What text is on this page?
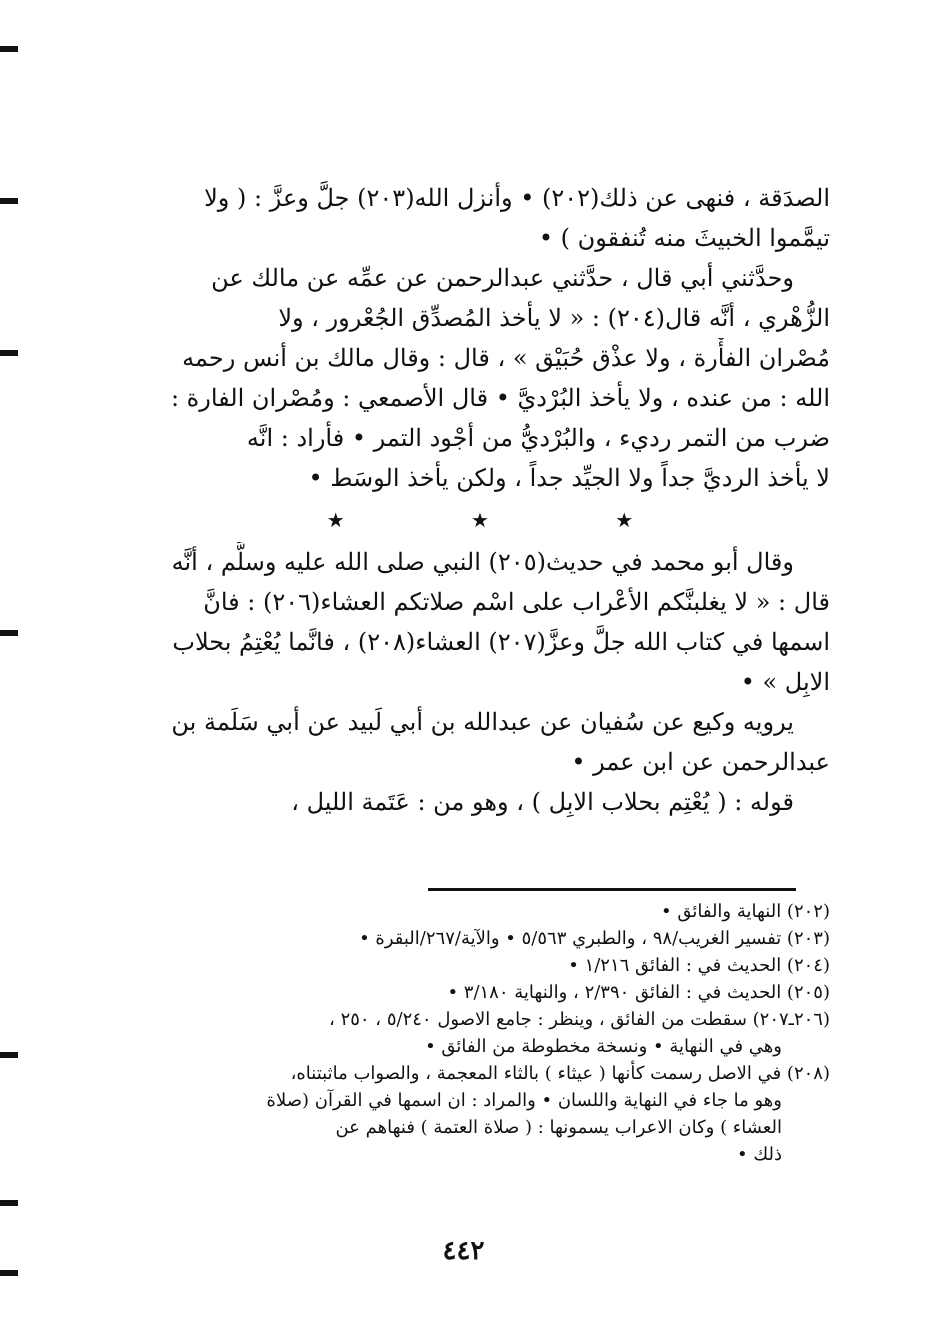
الصدَقة ، فنهى عن ذلك(٢٠٢) • وأنزل الله(٢٠٣) جلَّ وعزَّ : ( ولا
تيمَّموا الخبيثَ منه تُنفقون ) •
وحدَّثني أبي قال ، حدَّثني عبدالرحمن عن عمِّه عن مالك عن
الزُّهْري ، أنَّه قال(٢٠٤) : « لا يأخذ المُصدِّق الجُعْرور ، ولا
مُصْران الفأْرة ، ولا عذْق حُبَيْق » ، قال : وقال مالك بن أنس رحمه
الله : من عنده ، ولا يأخذ البُرْديَّ • قال الأصمعي : ومُصْران الفارة :
ضرب من التمر رديء ، والبُرْديُّ من أجْود التمر • فأراد : انَّه
لا يأخذ الرديَّ جداً ولا الجيِّد جداً ، ولكن يأخذ الوسَط •
★ ★ ★
وقال أبو محمد في حديث(٢٠٥) النبي صلى الله عليه وسلَّم ، أنَّه
قال : « لا يغلبنَّكم الأعْراب على اسْم صلاتكم العشاء(٢٠٦) : فانَّ
اسمها في كتاب الله جلَّ وعزَّ(٢٠٧) العشاء(٢٠٨) ، فانَّما يُعْتِمُ بحلاب
الابِل » •
يرويه وكيع عن سُفيان عن عبدالله بن أبي لَبيد عن أبي سَلَمة بن
عبدالرحمن عن ابن عمر •
قوله : ( يُعْتِم بحلاب الابِل ) ، وهو من : عَتَمة الليل ،
(٢٠٢) النهاية والفائق •
(٢٠٣) تفسير الغريب/٩٨ ، والطبري ٥/٥٦٣ • والآية/٢٦٧/البقرة •
(٢٠٤) الحديث في : الفائق ١/٢١٦ •
(٢٠٥) الحديث في : الفائق ٢/٣٩٠ ، والنهاية ٣/١٨٠ •
(٢٠٦ـ٢٠٧) سقطت من الفائق ، وينظر : جامع الاصول ٥/٢٤٠ ، ٢٥٠ ،
وهي في النهاية • ونسخة مخطوطة من الفائق •
(٢٠٨) في الاصل رسمت كأنها ( عيثاء ) بالثاء المعجمة ، والصواب ماثبتناه،
وهو ما جاء في النهاية واللسان • والمراد : ان اسمها في القرآن (صلاة
العشاء ) وكان الاعراب يسمونها : ( صلاة العتمة ) فنهاهم عن
ذلك •
٤٤٢
